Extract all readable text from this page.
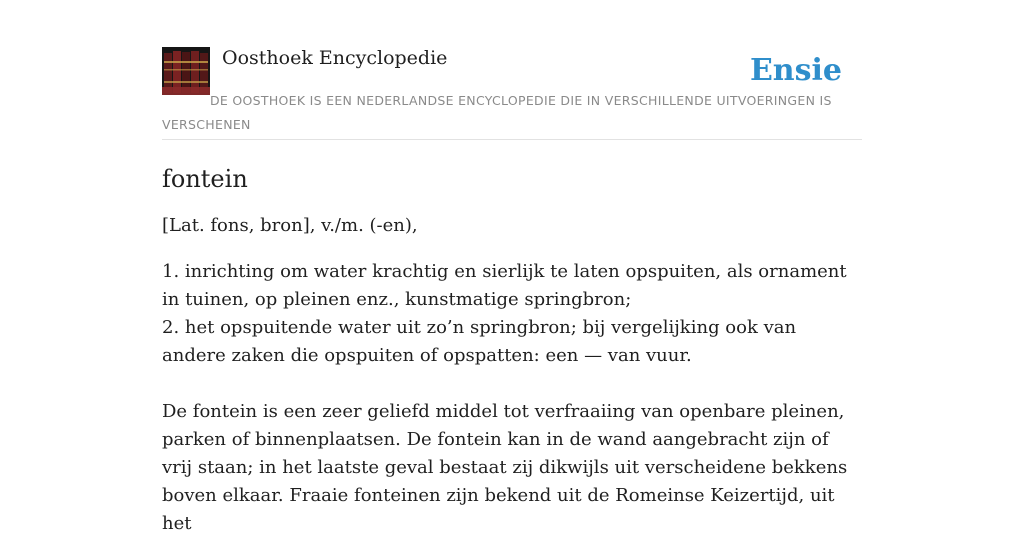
Oosthoek Encyclopedie	Ensie
DE OOSTHOEK IS EEN NEDERLANDSE ENCYCLOPEDIE DIE IN VERSCHILLENDE UITVOERINGEN IS VERSCHENEN
fontein

[Lat. fons, bron], v./m. (-en),

1. inrichting om water krachtig en sierlijk te laten opspuiten, als ornament in tuinen, op pleinen enz., kunstmatige springbron;
2. het opspuitende water uit zo’n springbron; bij vergelijking ook van andere zaken die opspuiten of opspatten: een — van vuur.

De fontein is een zeer geliefd middel tot verfraaiing van openbare pleinen, parken of binnenplaatsen. De fontein kan in de wand aangebracht zijn of vrij staan; in het laatste geval bestaat zij dikwijls uit verscheidene bekkens boven elkaar. Fraaie fonteinen zijn bekend uit de Romeinse Keizertijd, uit het
